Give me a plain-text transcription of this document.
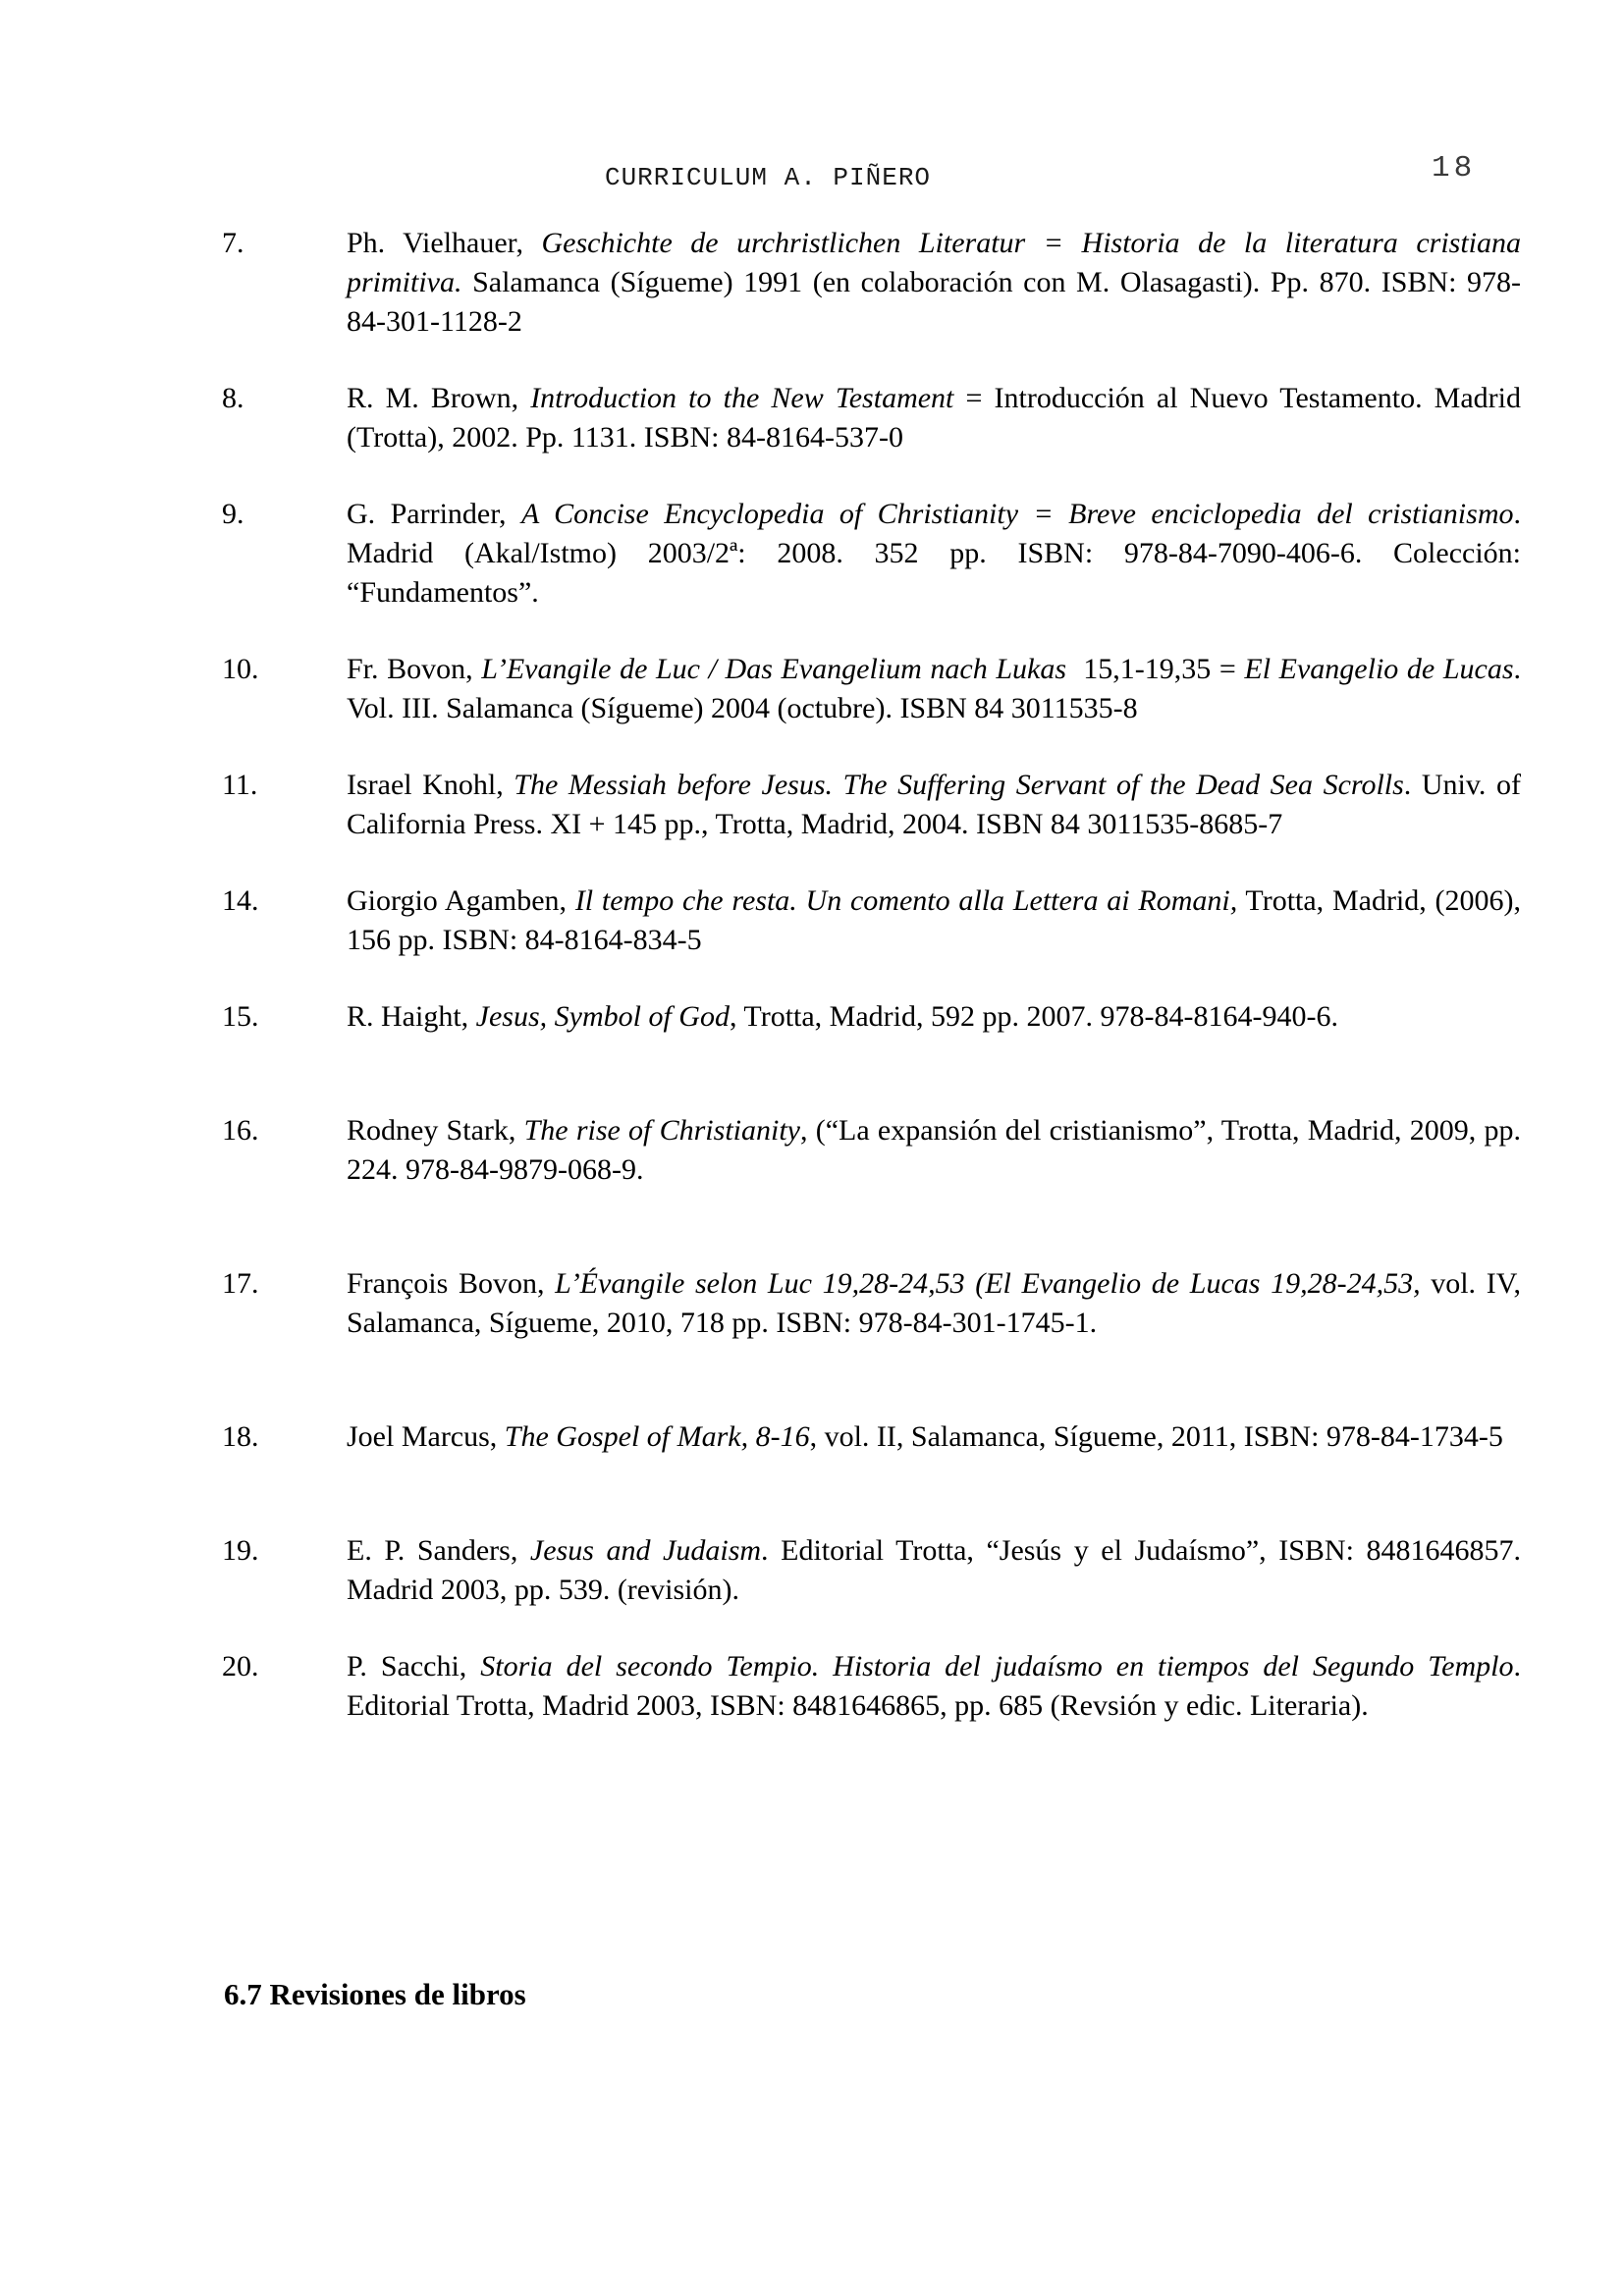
CURRICULUM A. PIÑERO	18
7.	Ph. Vielhauer, Geschichte de urchristlichen Literatur = Historia de la literatura cristiana primitiva. Salamanca (Sígueme) 1991 (en colaboración con M. Olasagasti). Pp. 870. ISBN: 978-84-301-1128-2
8.	R. M. Brown, Introduction to the New Testament = Introducción al Nuevo Testamento. Madrid (Trotta), 2002. Pp. 1131. ISBN: 84-8164-537-0
9.	G. Parrinder, A Concise Encyclopedia of Christianity = Breve enciclopedia del cristianismo. Madrid (Akal/Istmo) 2003/2ª: 2008. 352 pp. ISBN: 978-84-7090-406-6. Colección: “Fundamentos”.
10.	Fr. Bovon, L’Evangile de Luc / Das Evangelium nach Lukas  15,1-19,35 = El Evangelio de Lucas. Vol. III. Salamanca (Sígueme) 2004 (octubre). ISBN 84 3011535-8
11.	Israel Knohl, The Messiah before Jesus. The Suffering Servant of the Dead Sea Scrolls. Univ. of California Press. XI + 145 pp., Trotta, Madrid, 2004. ISBN 84 3011535-8685-7
14.	Giorgio Agamben, Il tempo che resta. Un comento alla Lettera ai Romani, Trotta, Madrid, (2006), 156 pp. ISBN: 84-8164-834-5
15.	R. Haight, Jesus, Symbol of God, Trotta, Madrid, 592 pp. 2007. 978-84-8164-940-6.
16.	Rodney Stark, The rise of Christianity, (“La expansión del cristianismo”, Trotta, Madrid, 2009, pp. 224. 978-84-9879-068-9.
17.	François Bovon, L’Évangile selon Luc 19,28-24,53 (El Evangelio de Lucas 19,28-24,53, vol. IV, Salamanca, Sígueme, 2010, 718 pp. ISBN: 978-84-301-1745-1.
18.	Joel Marcus, The Gospel of Mark, 8-16, vol. II, Salamanca, Sígueme, 2011, ISBN: 978-84-1734-5
19.	E. P. Sanders, Jesus and Judaism. Editorial Trotta, “Jesús y el Judaísmo”, ISBN: 8481646857. Madrid 2003, pp. 539. (revisión).
20.	P. Sacchi, Storia del secondo Tempio. Historia del judaísmo en tiempos del Segundo Templo. Editorial Trotta, Madrid 2003, ISBN: 8481646865, pp. 685 (Revsión y edic. Literaria).
6.7 Revisiones de libros
